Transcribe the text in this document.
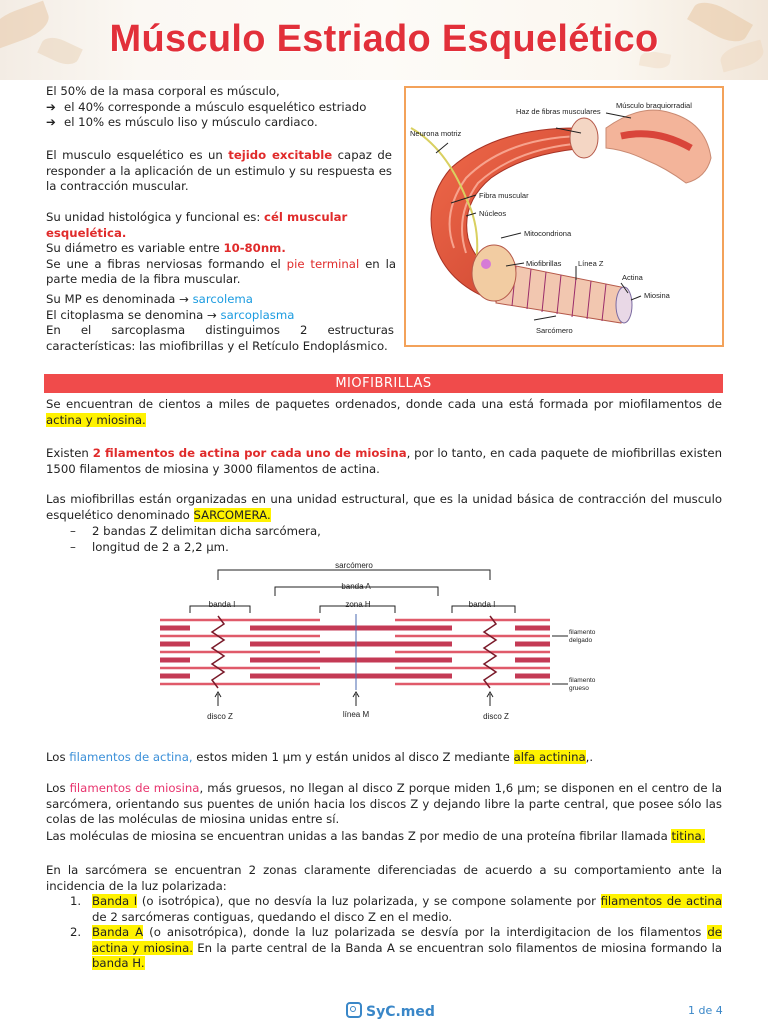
Músculo Estriado Esquelético
El 50% de la masa corporal es músculo,
➔ el 40% corresponde a músculo esquelético estriado
➔ el 10% es músculo liso y músculo cardiaco.
El musculo esquelético es un tejido excitable capaz de responder a la aplicación de un estimulo y su respuesta es la contracción muscular.
Su unidad histológica y funcional es: cél muscular esquelética.
Su diámetro es variable entre 10-80nm.
Se une a fibras nerviosas formando el pie terminal en la parte media de la fibra muscular.
Su MP es denominada → sarcolema
El citoplasma se denomina → sarcoplasma
En el sarcoplasma distinguimos 2 estructuras características: las miofibrillas y el Retículo Endoplásmico.
Neurona motriz
Haz de fibras musculares
Músculo braquiorradial
Fibra muscular
Núcleos
Mitocondriona
Miofibrillas Línea Z
Actina
Miosina
Sarcómero
MIOFIBRILLAS
Se encuentran de cientos a miles de paquetes ordenados, donde cada una está formada por miofilamentos de actina y miosina.
Existen 2 filamentos de actina por cada uno de miosina, por lo tanto, en cada paquete de miofibrillas existen 1500 filamentos de miosina y 3000 filamentos de actina.
Las miofibrillas están organizadas en una unidad estructural, que es la unidad básica de contracción del musculo esquelético denominado SARCOMERA.
– 2 bandas Z delimitan dicha sarcómera,
– longitud de 2 a 2,2 µm.
sarcómero
banda A
banda I	zona H	banda I
disco Z	línea M	disco Z
filamento delgado
filamento grueso
Los filamentos de actina, estos miden 1 µm y están unidos al disco Z mediante alfa actinina,.
Los filamentos de miosina, más gruesos, no llegan al disco Z porque miden 1,6 µm; se disponen en el centro de la sarcómera, orientando sus puentes de unión hacia los discos Z y dejando libre la parte central, que posee sólo las colas de las moléculas de miosina unidas entre sí.
Las moléculas de miosina se encuentran unidas a las bandas Z por medio de una proteína fibrilar llamada titina.
En la sarcómera se encuentran 2 zonas claramente diferenciadas de acuerdo a su comportamiento ante la incidencia de la luz polarizada:
1. Banda I (o isotrópica), que no desvía la luz polarizada, y se compone solamente por filamentos de actina de 2 sarcómeras contiguas, quedando el disco Z en el medio.
2. Banda A (o anisotrópica), donde la luz polarizada se desvía por la interdigitacion de los filamentos de actina y miosina. En la parte central de la Banda A se encuentran solo filamentos de miosina formando la banda H.
SyC.med	1 de 4
